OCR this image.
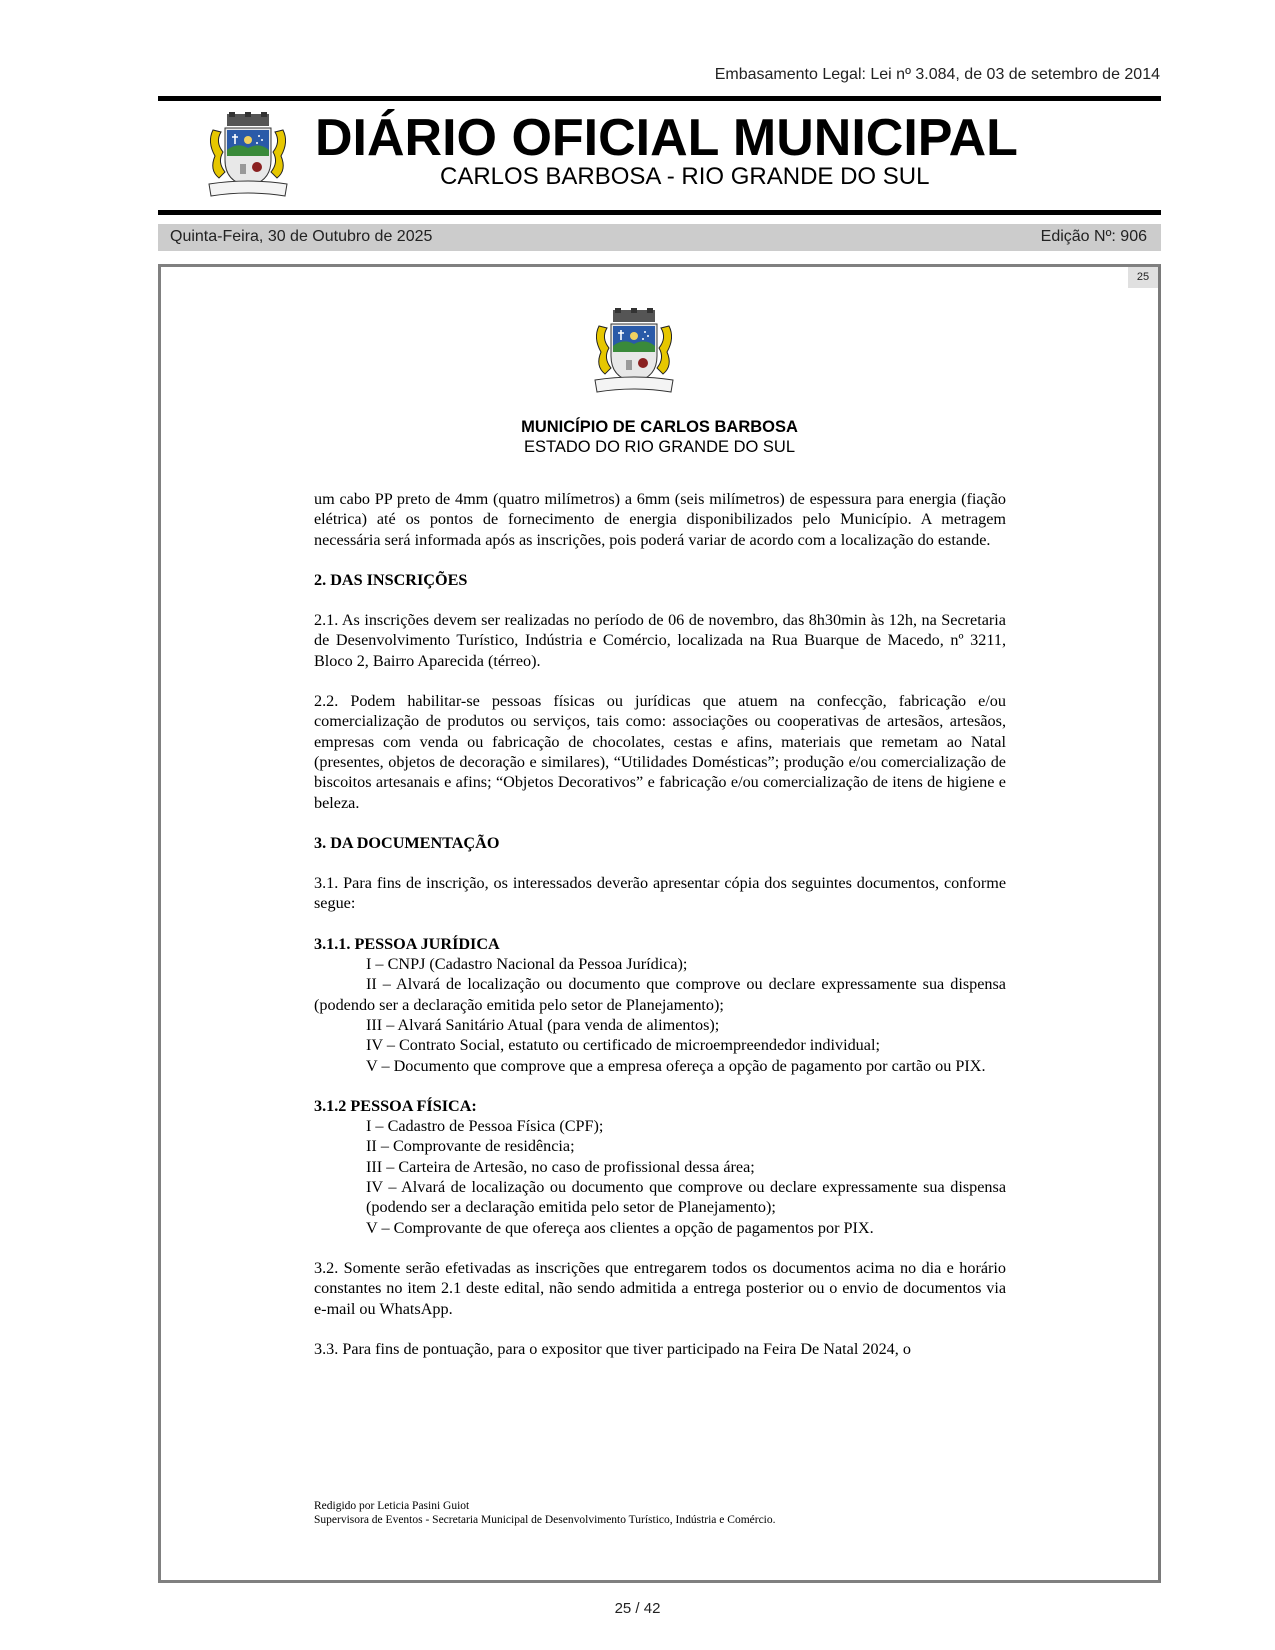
Embasamento Legal: Lei nº 3.084, de 03 de setembro de 2014
DIÁRIO OFICIAL MUNICIPAL
CARLOS BARBOSA - RIO GRANDE DO SUL
Quinta-Feira, 30 de Outubro de 2025	Edição Nº: 906
25
MUNICÍPIO DE CARLOS BARBOSA
ESTADO DO RIO GRANDE DO SUL

um cabo PP preto de 4mm (quatro milímetros) a 6mm (seis milímetros) de espessura para energia (fiação elétrica) até os pontos de fornecimento de energia disponibilizados pelo Município. A metragem necessária será informada após as inscrições, pois poderá variar de acordo com a localização do estande.

2. DAS INSCRIÇÕES

2.1. As inscrições devem ser realizadas no período de 06 de novembro, das 8h30min às 12h, na Secretaria de Desenvolvimento Turístico, Indústria e Comércio, localizada na Rua Buarque de Macedo, nº 3211, Bloco 2, Bairro Aparecida (térreo).

2.2. Podem habilitar-se pessoas físicas ou jurídicas que atuem na confecção, fabricação e/ou comercialização de produtos ou serviços, tais como: associações ou cooperativas de artesãos, artesãos, empresas com venda ou fabricação de chocolates, cestas e afins, materiais que remetam ao Natal (presentes, objetos de decoração e similares), “Utilidades Domésticas”; produção e/ou comercialização de biscoitos artesanais e afins; “Objetos Decorativos” e fabricação e/ou comercialização de itens de higiene e beleza.

3. DA DOCUMENTAÇÃO

3.1. Para fins de inscrição, os interessados deverão apresentar cópia dos seguintes documentos, conforme segue:

3.1.1. PESSOA JURÍDICA

I – CNPJ (Cadastro Nacional da Pessoa Jurídica);

II – Alvará de localização ou documento que comprove ou declare expressamente sua dispensa (podendo ser a declaração emitida pelo setor de Planejamento);

III – Alvará Sanitário Atual (para venda de alimentos);

IV – Contrato Social, estatuto ou certificado de microempreendedor individual;

V – Documento que comprove que a empresa ofereça a opção de pagamento por cartão ou PIX.

3.1.2 PESSOA FÍSICA:

I – Cadastro de Pessoa Física (CPF);

II – Comprovante de residência;

III – Carteira de Artesão, no caso de profissional dessa área;

IV – Alvará de localização ou documento que comprove ou declare expressamente sua dispensa (podendo ser a declaração emitida pelo setor de Planejamento);

V – Comprovante de que ofereça aos clientes a opção de pagamentos por PIX.

3.2. Somente serão efetivadas as inscrições que entregarem todos os documentos acima no dia e horário constantes no item 2.1 deste edital, não sendo admitida a entrega posterior ou o envio de documentos via e-mail ou WhatsApp.

3.3. Para fins de pontuação, para o expositor que tiver participado na Feira De Natal 2024, o

Redigido por Leticia Pasini Guiot
Supervisora de Eventos - Secretaria Municipal de Desenvolvimento Turístico, Indústria e Comércio.
25 / 42
